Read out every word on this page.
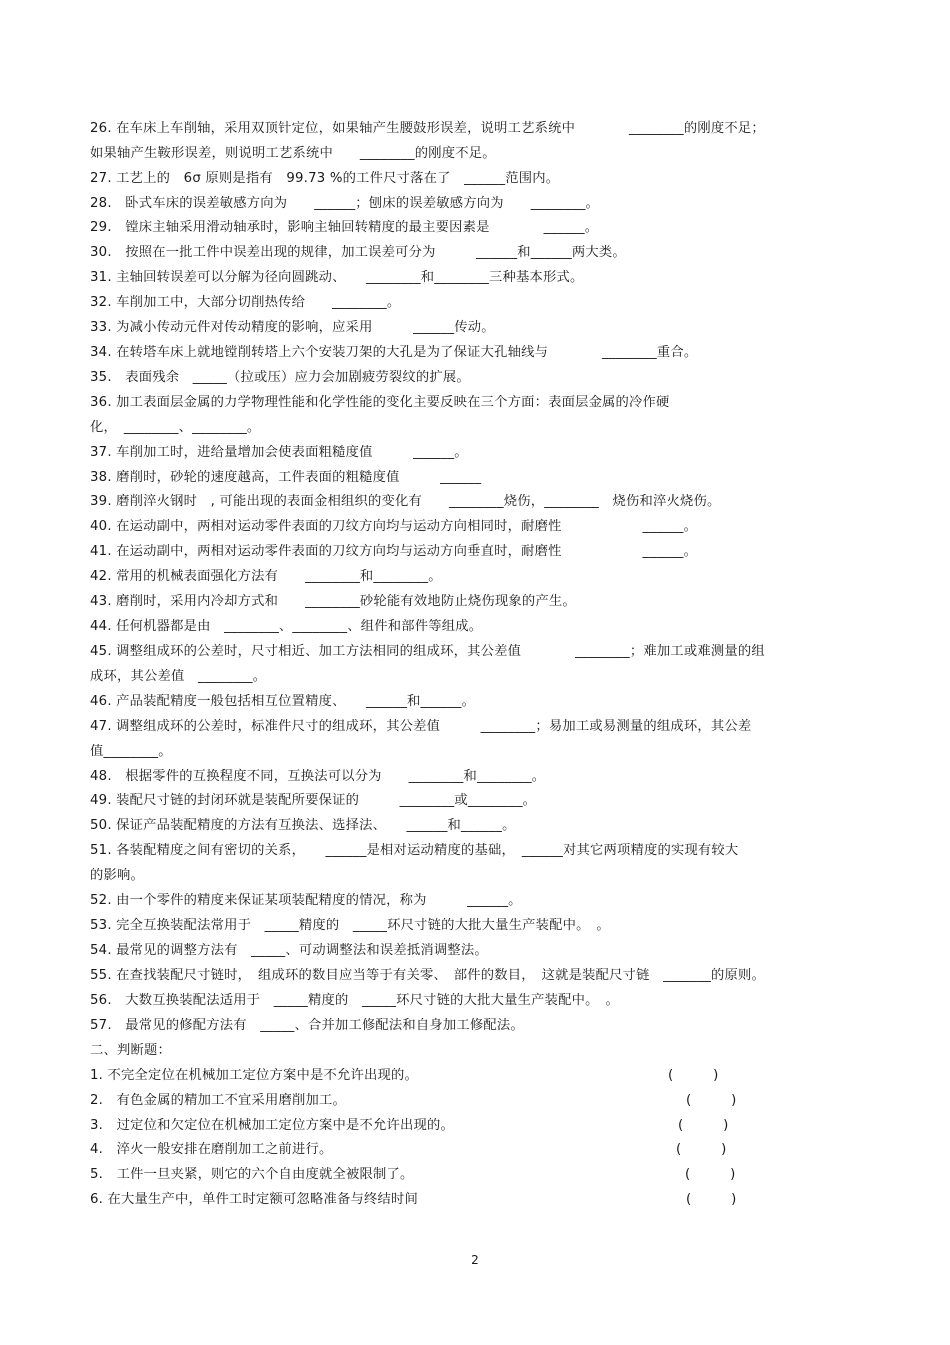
26. 在车床上车削轴，采用双顶针定位，如果轴产生腰鼓形误差，说明工艺系统中　　　　________的刚度不足；
如果轴产生鞍形误差，则说明工艺系统中　　________的刚度不足。
27. 工艺上的　6σ 原则是指有　99.73 %的工件尺寸落在了　______范围内。
28.　卧式车床的误差敏感方向为　　______；刨床的误差敏感方向为　　________。
29.　镗床主轴采用滑动轴承时，影响主轴回转精度的最主要因素是　　　　______。
30.　按照在一批工件中误差出现的规律，加工误差可分为　　　______和______两大类。
31. 主轴回转误差可以分解为径向圆跳动、　　________和________三种基本形式。
32. 车削加工中，大部分切削热传给　　________。
33. 为减小传动元件对传动精度的影响，应采用　　　______传动。
34. 在转塔车床上就地镗削转塔上六个安装刀架的大孔是为了保证大孔轴线与　　　　________重合。
35.　表面残余　_____（拉或压）应力会加剧疲劳裂纹的扩展。
36. 加工表面层金属的力学物理性能和化学性能的变化主要反映在三个方面：表面层金属的冷作硬
化，　________、________。
37. 车削加工时，进给量增加会使表面粗糙度值　　　______。
38. 磨削时，砂轮的速度越高，工件表面的粗糙度值　　　______
39. 磨削淬火钢时　, 可能出现的表面金相组织的变化有　　________烧伤，________　烧伤和淬火烧伤。
40. 在运动副中，两相对运动零件表面的刀纹方向均与运动方向相同时，耐磨性　　　　　　______。
41. 在运动副中，两相对运动零件表面的刀纹方向均与运动方向垂直时，耐磨性　　　　　　______。
42. 常用的机械表面强化方法有　　________和________。
43. 磨削时，采用内冷却方式和　　________砂轮能有效地防止烧伤现象的产生。
44. 任何机器都是由　________、________、组件和部件等组成。
45. 调整组成环的公差时，尺寸相近、加工方法相同的组成环，其公差值　　　　________；难加工或难测量的组
成环，其公差值　________。
46. 产品装配精度一般包括相互位置精度、　　______和______。
47. 调整组成环的公差时，标准件尺寸的组成环，其公差值　　　________；易加工或易测量的组成环，其公差
值________。
48.　根据零件的互换程度不同，互换法可以分为　　________和________。
49. 装配尺寸链的封闭环就是装配所要保证的　　　________或________。
50. 保证产品装配精度的方法有互换法、选择法、　　______和______。
51. 各装配精度之间有密切的关系，　　______是相对运动精度的基础，　______对其它两项精度的实现有较大
的影响。
52. 由一个零件的精度来保证某项装配精度的情况，称为　　　______。
53. 完全互换装配法常用于　_____精度的　_____环尺寸链的大批大量生产装配中。　。
54. 最常见的调整方法有　_____、可动调整法和误差抵消调整法。
55. 在查找装配尺寸链时，　组成环的数目应当等于有关零、　部件的数目，　这就是装配尺寸链　_______的原则。
56.　大数互换装配法适用于　_____精度的　_____环尺寸链的大批大量生产装配中。　。
57.　最常见的修配方法有　_____、合并加工修配法和自身加工修配法。
二、判断题：
1. 不完全定位在机械加工定位方案中是不允许出现的。	(　　　)
2.　有色金属的精加工不宜采用磨削加工。	(　　　)
3.　过定位和欠定位在机械加工定位方案中是不允许出现的。	(　　　)
4.　淬火一般安排在磨削加工之前进行。	(　　　)
5.　工件一旦夹紧，则它的六个自由度就全被限制了。	(　　　)
6. 在大量生产中，单件工时定额可忽略准备与终结时间	(　　　)
2
